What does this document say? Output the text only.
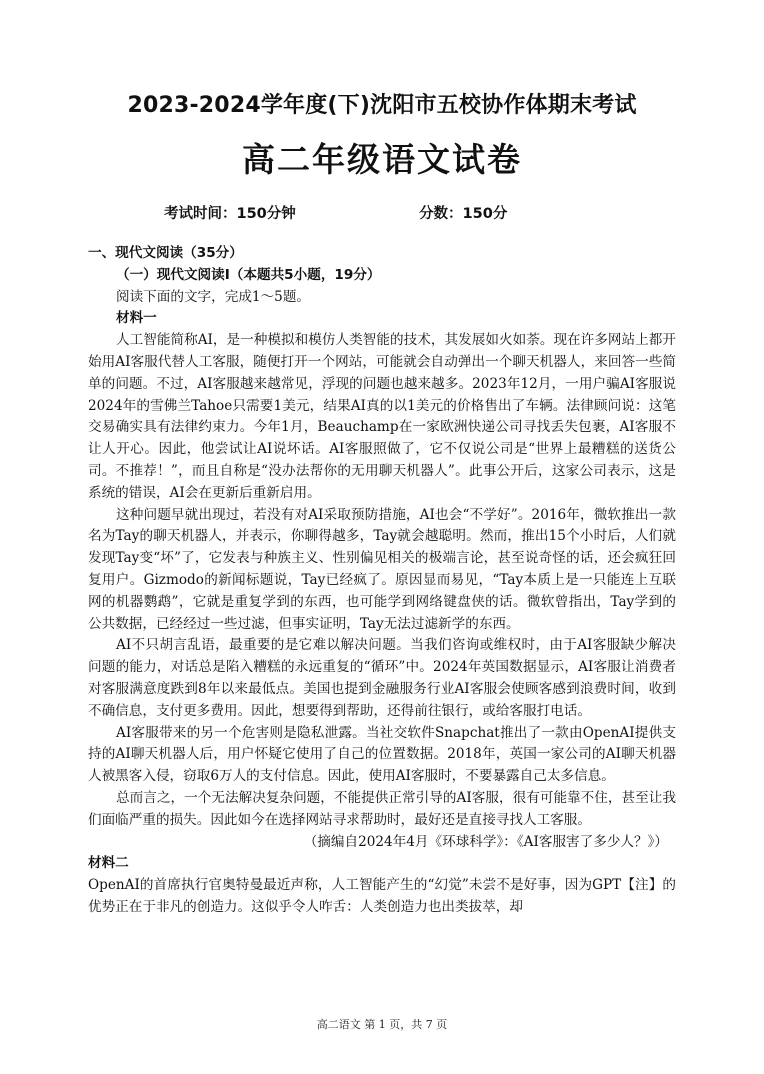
2023-2024学年度(下)沈阳市五校协作体期末考试
高二年级语文试卷
考试时间：150分钟	分数：150分
一、现代文阅读（35分）
（一）现代文阅读Ⅰ（本题共5小题，19分）
阅读下面的文字，完成1～5题。
材料一

人工智能简称AI，是一种模拟和模仿人类智能的技术，其发展如火如荼。现在许多网站上都开始用AI客服代替人工客服，随便打开一个网站，可能就会自动弹出一个聊天机器人，来回答一些简单的问题。不过，AI客服越来越常见，浮现的问题也越来越多。2023年12月，一用户骗AI客服说2024年的雪佛兰Tahoe只需要1美元，结果AI真的以1美元的价格售出了车辆。法律顾问说：这笔交易确实具有法律约束力。今年1月，Beauchamp在一家欧洲快递公司寻找丢失包裹，AI客服不让人开心。因此，他尝试让AI说坏话。AI客服照做了，它不仅说公司是“世界上最糟糕的送货公司。不推荐！”，而且自称是“没办法帮你的无用聊天机器人”。此事公开后，这家公司表示，这是系统的错误，AI会在更新后重新启用。

这种问题早就出现过，若没有对AI采取预防措施，AI也会“不学好”。2016年，微软推出一款名为Tay的聊天机器人，并表示，你聊得越多，Tay就会越聪明。然而，推出15个小时后，人们就发现Tay变“坏”了，它发表与种族主义、性别偏见相关的极端言论，甚至说奇怪的话，还会疯狂回复用户。Gizmodo的新闻标题说，Tay已经疯了。原因显而易见，“Tay本质上是一只能连上互联网的机器鹦鹉”，它就是重复学到的东西，也可能学到网络键盘侠的话。微软曾指出，Tay学到的公共数据，已经经过一些过滤，但事实证明，Tay无法过滤新学的东西。

AI不只胡言乱语，最重要的是它难以解决问题。当我们咨询或维权时，由于AI客服缺少解决问题的能力，对话总是陷入糟糕的永远重复的“循环”中。2024年英国数据显示，AI客服让消费者对客服满意度跌到8年以来最低点。美国也提到金融服务行业AI客服会使顾客感到浪费时间，收到不确信息，支付更多费用。因此，想要得到帮助，还得前往银行，或给客服打电话。

AI客服带来的另一个危害则是隐私泄露。当社交软件Snapchat推出了一款由OpenAI提供支持的AI聊天机器人后，用户怀疑它使用了自己的位置数据。2018年，英国一家公司的AI聊天机器人被黑客入侵，窃取6万人的支付信息。因此，使用AI客服时，不要暴露自己太多信息。

总而言之，一个无法解决复杂问题，不能提供正常引导的AI客服，很有可能靠不住，甚至让我们面临严重的损失。因此如今在选择网站寻求帮助时，最好还是直接寻找人工客服。

（摘编自2024年4月《环球科学》：《AI客服害了多少人？》）
材料二

OpenAI的首席执行官奥特曼最近声称，人工智能产生的“幻觉”未尝不是好事，因为GPT【注】的优势正在于非凡的创造力。这似乎令人咋舌：人类创造力也出类拔萃，却

高二语文 第 1 页，共 7 页
